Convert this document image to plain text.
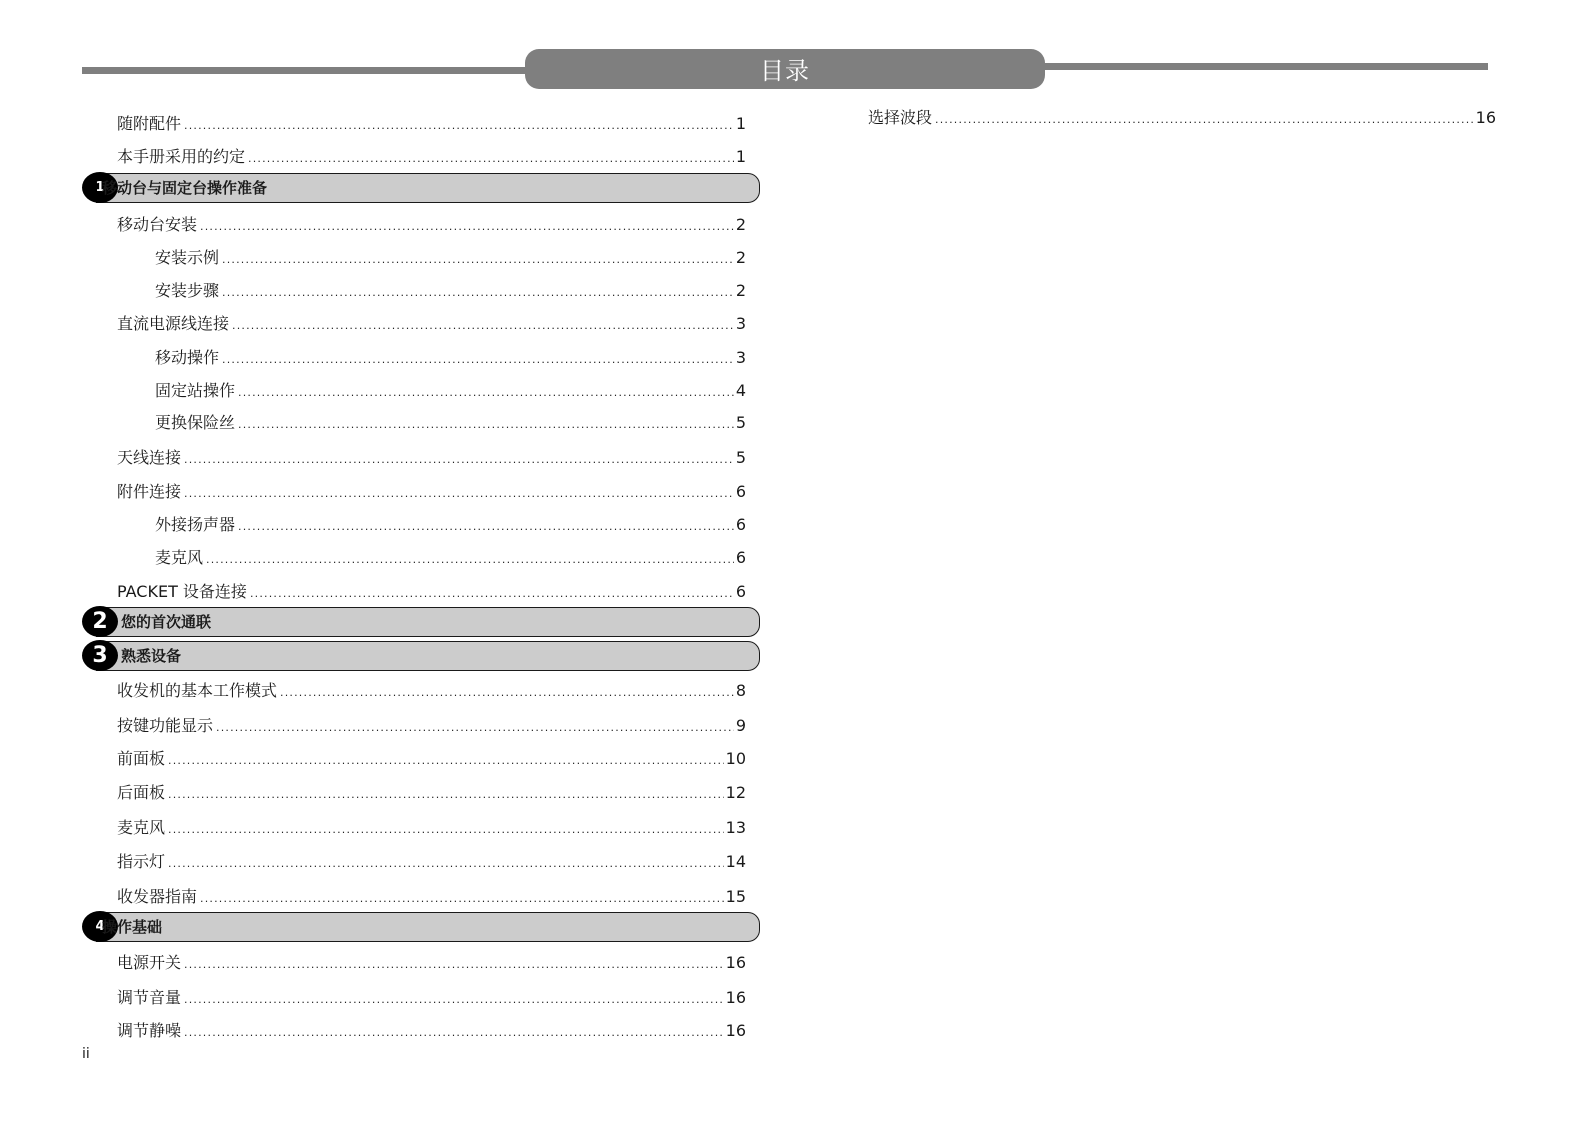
目录
随附配件 .....	1
本手册采用的约定 .....	1
1
移动台与固定台操作准备
移动台安装 .....	2
安装示例 .....	2
安装步骤 .....	2
直流电源线连接 .....	3
移动操作 .....	3
固定站操作 .....	4
更换保险丝 .....	5
天线连接 .....	5
附件连接 .....	6
外接扬声器 .....	6
麦克风 .....	6
PACKET 设备连接 .....	6
2 您的首次通联
3 熟悉设备
收发机的基本工作模式 .....	8
按键功能显示 .....	9
前面板 .....	10
后面板 .....	12
麦克风 .....	13
指示灯 .....	14
收发器指南 .....	15
4
操作基础
电源开关 .....	16
调节音量 .....	16
调节静噪 .....	16
选择波段 .....	16
ii
